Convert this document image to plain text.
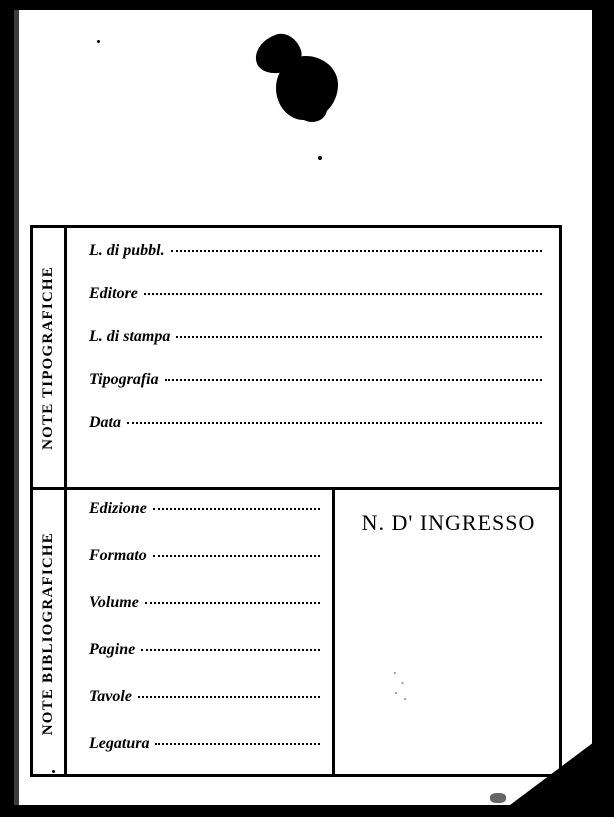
NOTE TIPOGRAFICHE
NOTE BIBLIOGRAFICHE
L. di pubbl.
Editore
L. di stampa
Tipografia
Data
Edizione
Formato
Volume
Pagine
Tavole
Legatura
N. D' INGRESSO
